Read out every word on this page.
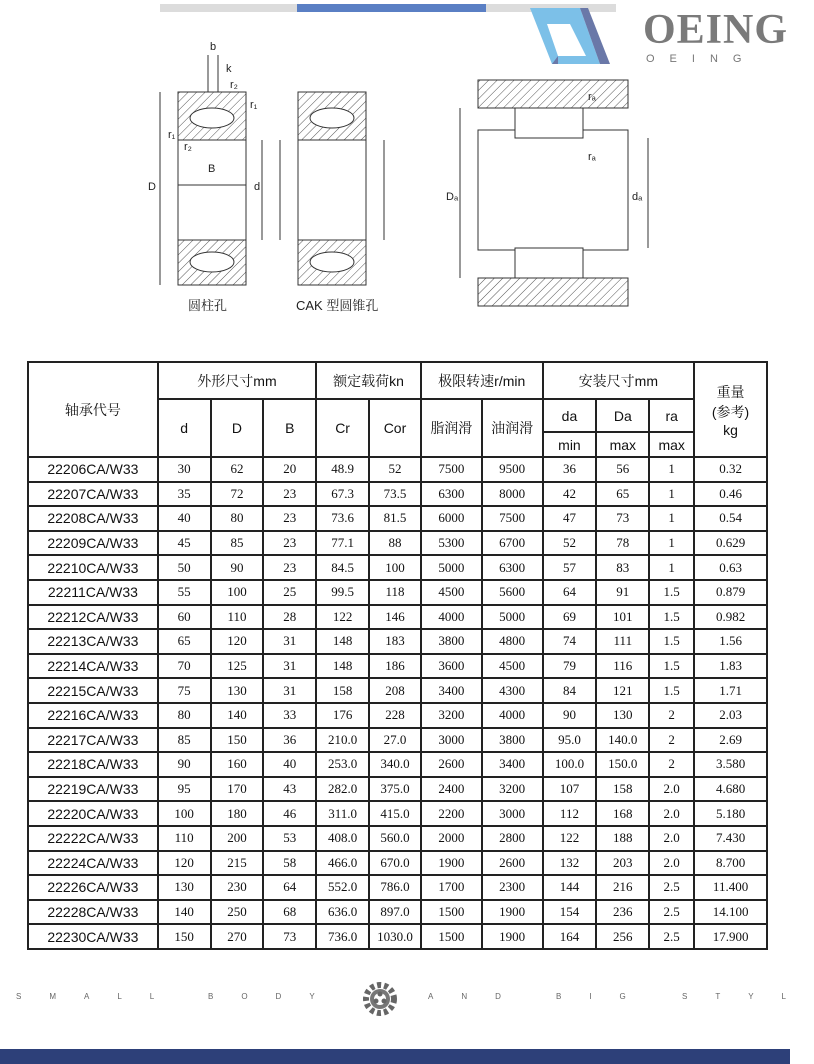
OEING
OEING
b
k
r₂
r₁
r₁
r₂
B
D	d
rₐ
rₐ
Dₐ	dₐ
圆柱孔	CAK 型圆锥孔
轴承代号	外形尺寸mm			额定载荷kn		极限转速r/min		安装尺寸mm			重量
(参考)
kg
	d	D	B	Cr	Cor	脂润滑	油润滑	da	Da	ra	
								min	max	max	
22206CA/W33	30	62	20	48.9	52	7500	9500	36	56	1	0.32
22207CA/W33	35	72	23	67.3	73.5	6300	8000	42	65	1	0.46
22208CA/W33	40	80	23	73.6	81.5	6000	7500	47	73	1	0.54
22209CA/W33	45	85	23	77.1	88	5300	6700	52	78	1	0.629
22210CA/W33	50	90	23	84.5	100	5000	6300	57	83	1	0.63
22211CA/W33	55	100	25	99.5	118	4500	5600	64	91	1.5	0.879
22212CA/W33	60	110	28	122	146	4000	5000	69	101	1.5	0.982
22213CA/W33	65	120	31	148	183	3800	4800	74	111	1.5	1.56
22214CA/W33	70	125	31	148	186	3600	4500	79	116	1.5	1.83
22215CA/W33	75	130	31	158	208	3400	4300	84	121	1.5	1.71
22216CA/W33	80	140	33	176	228	3200	4000	90	130	2	2.03
22217CA/W33	85	150	36	210.0	27.0	3000	3800	95.0	140.0	2	2.69
22218CA/W33	90	160	40	253.0	340.0	2600	3400	100.0	150.0	2	3.580
22219CA/W33	95	170	43	282.0	375.0	2400	3200	107	158	2.0	4.680
22220CA/W33	100	180	46	311.0	415.0	2200	3000	112	168	2.0	5.180
22222CA/W33	110	200	53	408.0	560.0	2000	2800	122	188	2.0	7.430
22224CA/W33	120	215	58	466.0	670.0	1900	2600	132	203	2.0	8.700
22226CA/W33	130	230	64	552.0	786.0	1700	2300	144	216	2.5	11.400
22228CA/W33	140	250	68	636.0	897.0	1500	1900	154	236	2.5	14.100
22230CA/W33	150	270	73	736.0	1030.0	1500	1900	164	256	2.5	17.900
SMALL	BODY	AND	BIG	STYL
